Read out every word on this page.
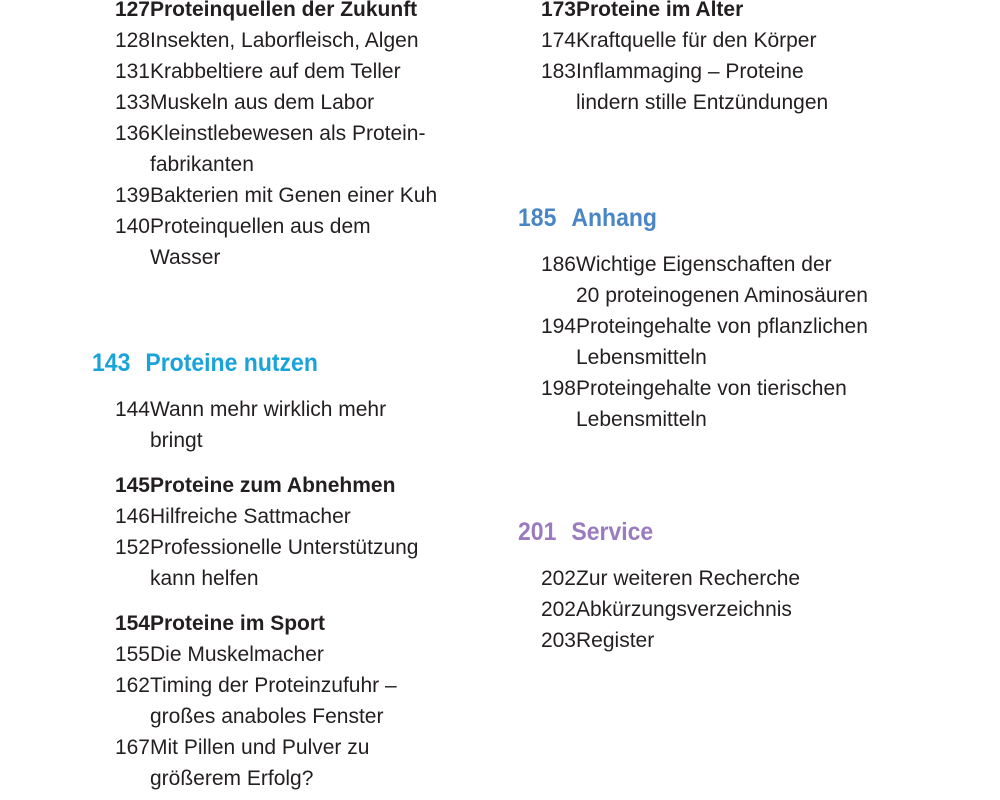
127 Proteinquellen der Zukunft
128 Insekten, Laborfleisch, Algen
131 Krabbeltiere auf dem Teller
133 Muskeln aus dem Labor
136 Kleinstlebewesen als Protein-
fabrikanten
139 Bakterien mit Genen einer Kuh
140 Proteinquellen aus dem
Wasser
143 Proteine nutzen
144 Wann mehr wirklich mehr
bringt
145 Proteine zum Abnehmen
146 Hilfreiche Sattmacher
152 Professionelle Unterstützung
kann helfen
154 Proteine im Sport
155 Die Muskelmacher
162 Timing der Proteinzufuhr –
großes anaboles Fenster
167 Mit Pillen und Pulver zu
größerem Erfolg?
173 Proteine im Alter
174 Kraftquelle für den Körper
183 Inflammaging – Proteine
lindern stille Entzündungen
185 Anhang
186 Wichtige Eigenschaften der
20 proteinogenen Aminosäuren
194 Proteingehalte von pflanzlichen
Lebensmitteln
198 Proteingehalte von tierischen
Lebensmitteln
201 Service
202 Zur weiteren Recherche
202 Abkürzungsverzeichnis
203 Register
